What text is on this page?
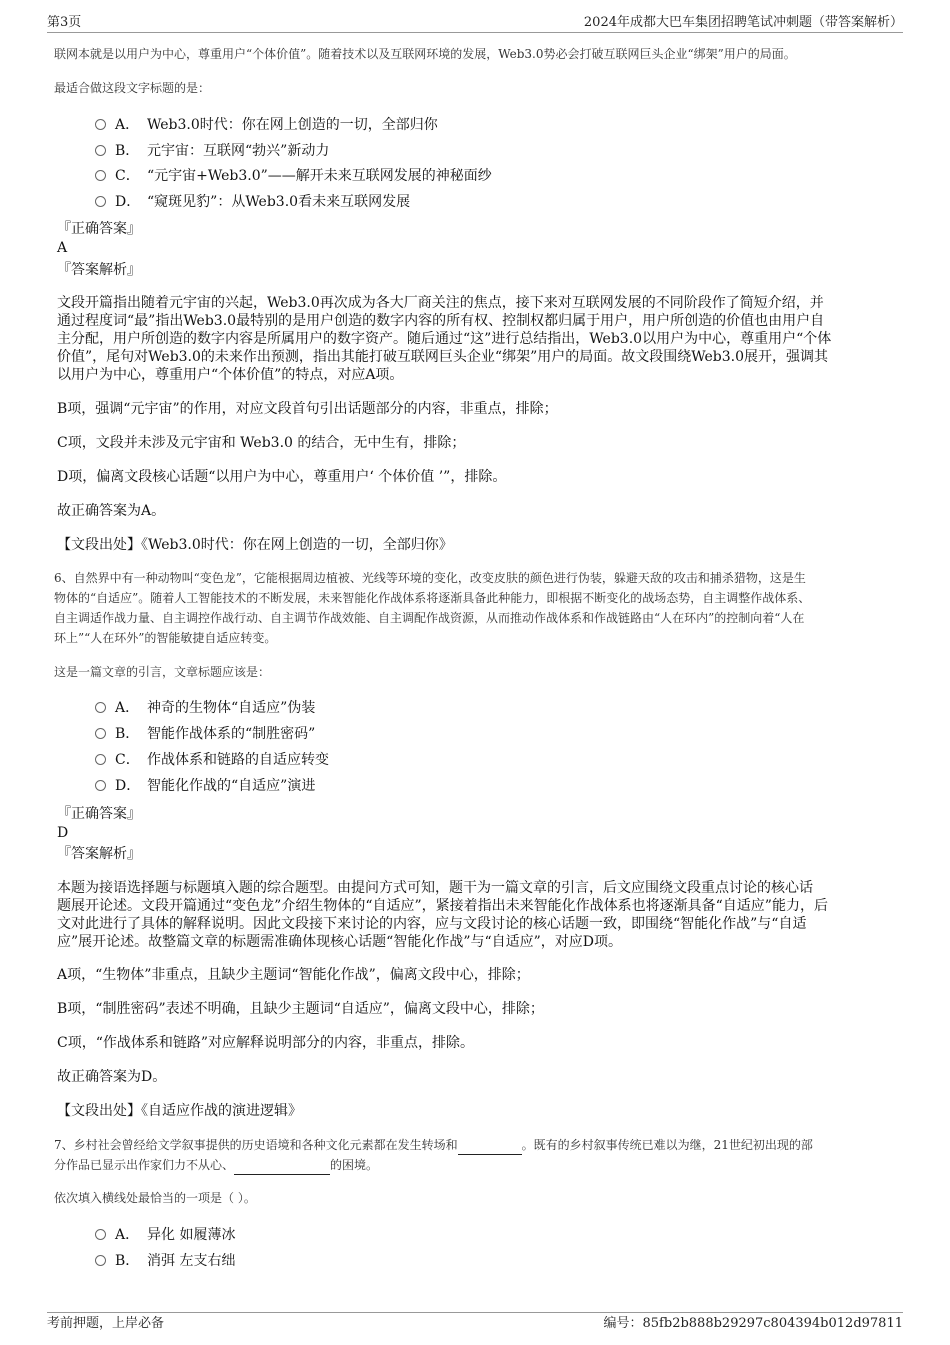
第3页	2024年成都大巴车集团招聘笔试冲刺题（带答案解析）

联网本就是以用户为中心，尊重用户“个体价值”。随着技术以及互联网环境的发展，Web3.0势必会打破互联网巨头企业“绑架”用户的局面。

最适合做这段文字标题的是：

A． Web3.0时代：你在网上创造的一切，全部归你
B． 元宇宙：互联网“勃兴”新动力
C． “元宇宙+Web3.0”——解开未来互联网发展的神秘面纱
D． “窥斑见豹”：从Web3.0看未来互联网发展

『正确答案』

A

『答案解析』

文段开篇指出随着元宇宙的兴起，Web3.0再次成为各大厂商关注的焦点，接下来对互联网发展的不同阶段作了简短介绍，并
通过程度词“最”指出Web3.0最特别的是用户创造的数字内容的所有权、控制权都归属于用户，用户所创造的价值也由用户自
主分配，用户所创造的数字内容是所属用户的数字资产。随后通过“这”进行总结指出，Web3.0以用户为中心，尊重用户“个体
价值”，尾句对Web3.0的未来作出预测，指出其能打破互联网巨头企业“绑架”用户的局面。故文段围绕Web3.0展开，强调其
以用户为中心，尊重用户“个体价值”的特点，对应A项。

B项，强调“元宇宙”的作用，对应文段首句引出话题部分的内容，非重点，排除；

C项，文段并未涉及元宇宙和 Web3.0 的结合，无中生有，排除；

D项，偏离文段核心话题“以用户为中心，尊重用户‘ 个体价值 ’”，排除。

故正确答案为A。

【文段出处】《Web3.0时代：你在网上创造的一切，全部归你》

6、自然界中有一种动物叫“变色龙”，它能根据周边植被、光线等环境的变化，改变皮肤的颜色进行伪装，躲避天敌的攻击和捕杀猎物，这是生
物体的“自适应”。随着人工智能技术的不断发展，未来智能化作战体系将逐渐具备此种能力，即根据不断变化的战场态势，自主调整作战体系、
自主调适作战力量、自主调控作战行动、自主调节作战效能、自主调配作战资源，从而推动作战体系和作战链路由“人在环内”的控制向着“人在
环上”“人在环外”的智能敏捷自适应转变。

这是一篇文章的引言，文章标题应该是：

A． 神奇的生物体“自适应”伪装
B． 智能作战体系的“制胜密码”
C． 作战体系和链路的自适应转变
D． 智能化作战的“自适应”演进

『正确答案』

D

『答案解析』

本题为接语选择题与标题填入题的综合题型。由提问方式可知，题干为一篇文章的引言，后文应围绕文段重点讨论的核心话
题展开论述。文段开篇通过“变色龙”介绍生物体的“自适应”，紧接着指出未来智能化作战体系也将逐渐具备“自适应”能力，后
文对此进行了具体的解释说明。因此文段接下来讨论的内容，应与文段讨论的核心话题一致，即围绕“智能化作战”与“自适
应”展开论述。故整篇文章的标题需准确体现核心话题“智能化作战”与“自适应”，对应D项。

A项，“生物体”非重点，且缺少主题词“智能化作战”，偏离文段中心，排除；

B项，“制胜密码”表述不明确，且缺少主题词“自适应”，偏离文段中心，排除；

C项，“作战体系和链路”对应解释说明部分的内容，非重点，排除。

故正确答案为D。

【文段出处】《自适应作战的演进逻辑》

7、乡村社会曾经给文学叙事提供的历史语境和各种文化元素都在发生转场和	。既有的乡村叙事传统已难以为继，21世纪初出现的部
分作品已显示出作家们力不从心、	的困境。

依次填入横线处最恰当的一项是（ ）。

A． 异化 如履薄冰
B． 消弭 左支右绌
考前押题，上岸必备	编号：85fb2b888b29297c804394b012d97811
